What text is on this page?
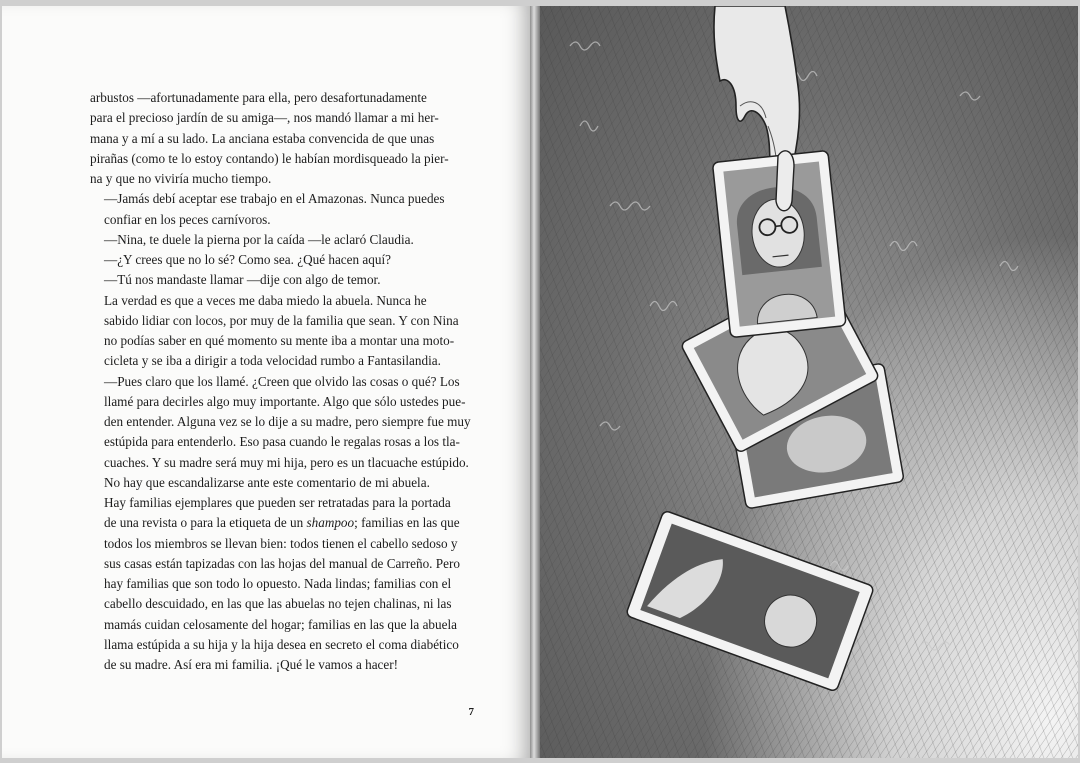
arbustos —afortunadamente para ella, pero desafortunadamente
para el precioso jardín de su amiga—, nos mandó llamar a mi her-
mana y a mí a su lado. La anciana estaba convencida de que unas
pirañas (como te lo estoy contando) le habían mordisqueado la pier-
na y que no viviría mucho tiempo.

—Jamás debí aceptar ese trabajo en el Amazonas. Nunca puedes
confiar en los peces carnívoros.

—Nina, te duele la pierna por la caída —le aclaró Claudia.

—¿Y crees que no lo sé? Como sea. ¿Qué hacen aquí?

—Tú nos mandaste llamar —dije con algo de temor.

La verdad es que a veces me daba miedo la abuela. Nunca he
sabido lidiar con locos, por muy de la familia que sean. Y con Nina
no podías saber en qué momento su mente iba a montar una moto-
cicleta y se iba a dirigir a toda velocidad rumbo a Fantasilandia.

—Pues claro que los llamé. ¿Creen que olvido las cosas o qué? Los
llamé para decirles algo muy importante. Algo que sólo ustedes pue-
den entender. Alguna vez se lo dije a su madre, pero siempre fue muy
estúpida para entenderlo. Eso pasa cuando le regalas rosas a los tla-
cuaches. Y su madre será muy mi hija, pero es un tlacuache estúpido.

No hay que escandalizarse ante este comentario de mi abuela.
Hay familias ejemplares que pueden ser retratadas para la portada
de una revista o para la etiqueta de un shampoo; familias en las que
todos los miembros se llevan bien: todos tienen el cabello sedoso y
sus casas están tapizadas con las hojas del manual de Carreño. Pero
hay familias que son todo lo opuesto. Nada lindas; familias con el
cabello descuidado, en las que las abuelas no tejen chalinas, ni las
mamás cuidan celosamente del hogar; familias en las que la abuela
llama estúpida a su hija y la hija desea en secreto el coma diabético
de su madre. Así era mi familia. ¡Qué le vamos a hacer!

7
